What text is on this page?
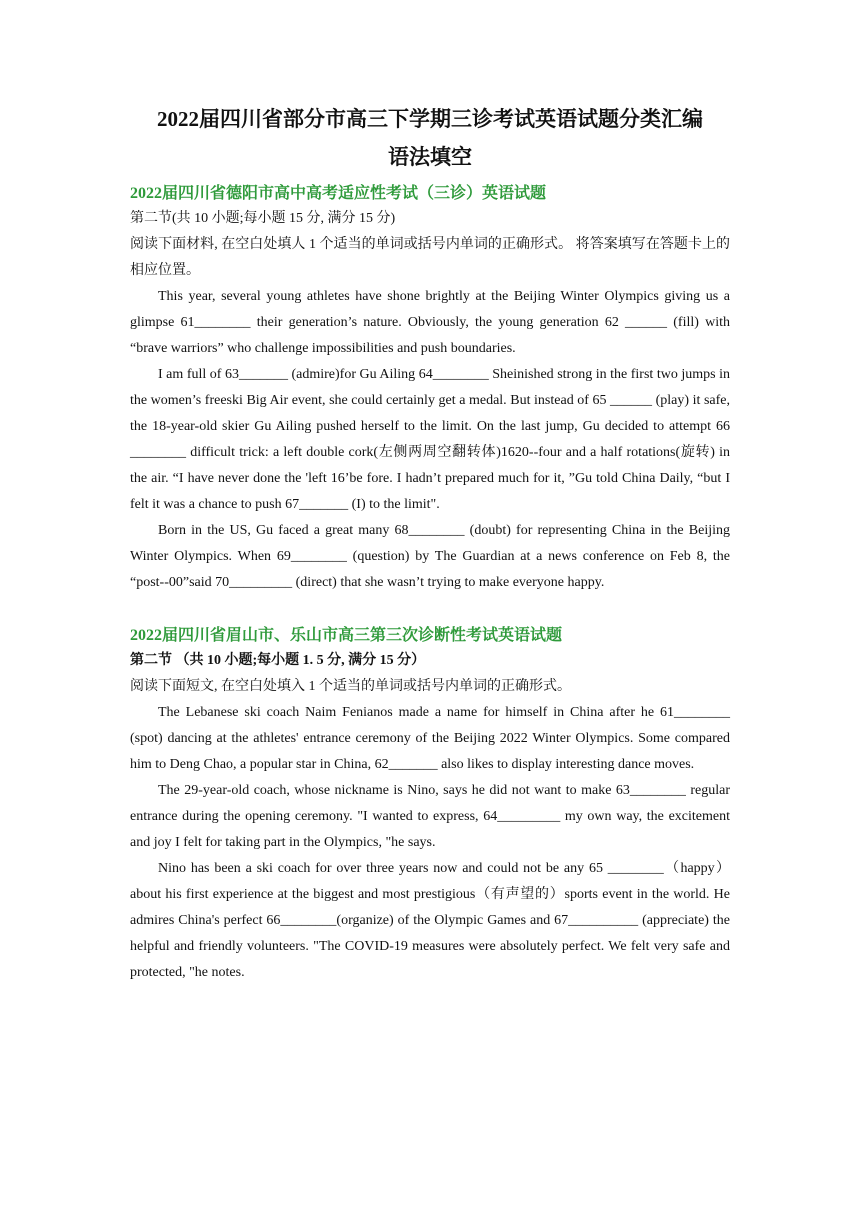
2022届四川省部分市高三下学期三诊考试英语试题分类汇编
语法填空
2022届四川省德阳市高中高考适应性考试（三诊）英语试题

第二节(共 10 小题;每小题 15 分, 满分 15 分)

阅读下面材料, 在空白处填人 1 个适当的单词或括号内单词的正确形式。 将答案填写在答题卡上的相应位置。

This year, several young athletes have shone brightly at the Beijing Winter Olympics giving us a glimpse 61________ their generation’s nature. Obviously, the young generation 62 ______ (fill) with “brave warriors” who challenge impossibilities and push boundaries.

I am full of 63_______ (admire)for Gu Ailing 64________ Sheinished strong in the first two jumps in the women’s freeski Big Air event, she could certainly get a medal. But instead of 65 ______ (play) it safe, the 18-year-old skier Gu Ailing pushed herself to the limit. On the last jump, Gu decided to attempt 66 ________ difficult trick: a left double cork(左侧两周空翻转体)1620--four and a half rotations(旋转) in the air. “I have never done the 'left 16’be fore. I hadn’t prepared much for it, ”Gu told China Daily, “but I felt it was a chance to push 67_______ (I) to the limit".

Born in the US, Gu faced a great many 68________ (doubt) for representing China in the Beijing Winter Olympics. When 69________ (question) by The Guardian at a news conference on Feb 8, the “post--00”said 70_________ (direct) that she wasn’t trying to make everyone happy.

2022届四川省眉山市、乐山市高三第三次诊断性考试英语试题

第二节 （共 10 小题;每小题 1. 5 分, 满分 15 分）

阅读下面短文, 在空白处填入 1 个适当的单词或括号内单词的正确形式。

The Lebanese ski coach Naim Fenianos made a name for himself in China after he 61________ (spot) dancing at the athletes' entrance ceremony of the Beijing 2022 Winter Olympics. Some compared him to Deng Chao, a popular star in China, 62_______ also likes to display interesting dance moves.

The 29-year-old coach, whose nickname is Nino, says he did not want to make 63________ regular entrance during the opening ceremony. "I wanted to express, 64_________ my own way, the excitement and joy I felt for taking part in the Olympics, "he says.

Nino has been a ski coach for over three years now and could not be any 65 ________（happy）about his first experience at the biggest and most prestigious（有声望的）sports event in the world. He admires China's perfect 66________(organize) of the Olympic Games and 67__________ (appreciate) the helpful and friendly volunteers. "The COVID-19 measures were absolutely perfect. We felt very safe and protected, "he notes.
